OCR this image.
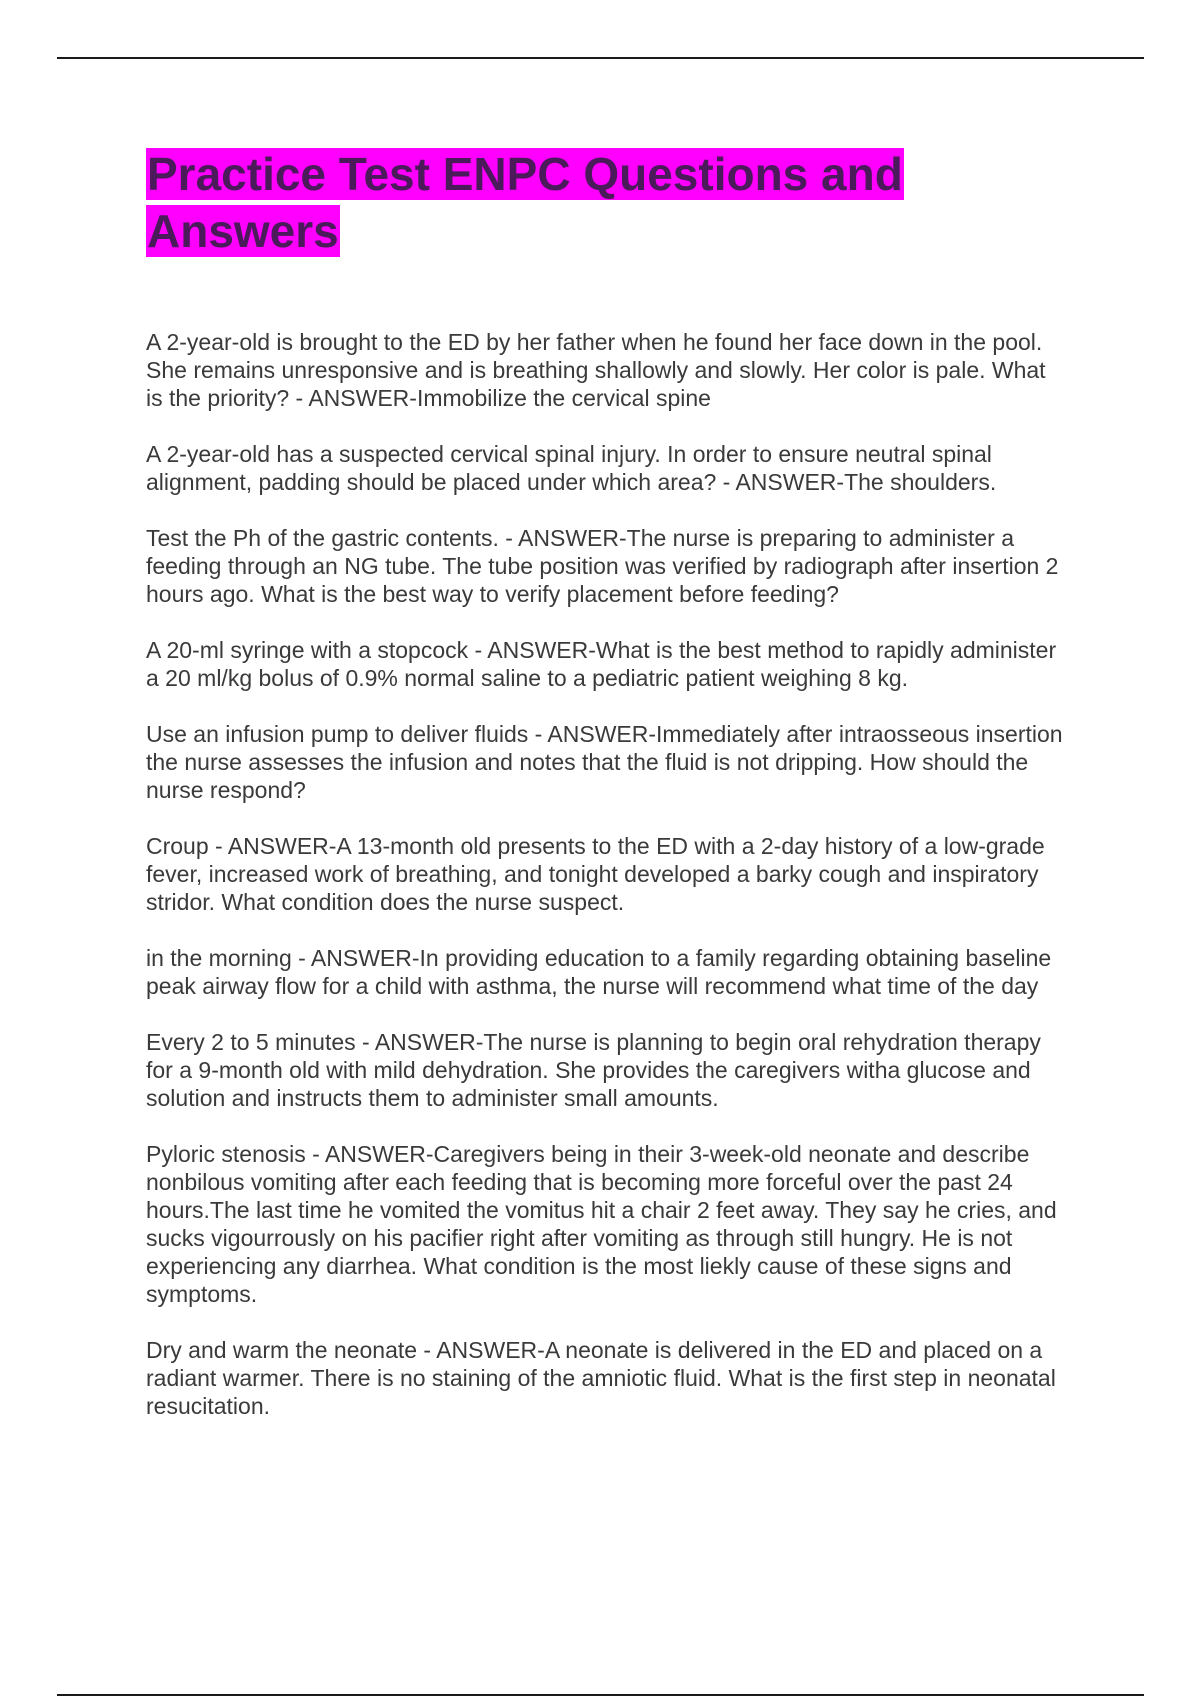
Practice Test ENPC Questions and Answers

A 2-year-old is brought to the ED by her father when he found her face down in the pool. She remains unresponsive and is breathing shallowly and slowly. Her color is pale. What is the priority? - ANSWER-Immobilize the cervical spine

A 2-year-old has a suspected cervical spinal injury. In order to ensure neutral spinal alignment, padding should be placed under which area? - ANSWER-The shoulders.

Test the Ph of the gastric contents. - ANSWER-The nurse is preparing to administer a feeding through an NG tube. The tube position was verified by radiograph after insertion 2 hours ago. What is the best way to verify placement before feeding?

A 20-ml syringe with a stopcock - ANSWER-What is the best method to rapidly administer a 20 ml/kg bolus of 0.9% normal saline to a pediatric patient weighing 8 kg.

Use an infusion pump to deliver fluids - ANSWER-Immediately after intraosseous insertion the nurse assesses the infusion and notes that the fluid is not dripping. How should the nurse respond?

Croup - ANSWER-A 13-month old presents to the ED with a 2-day history of a low-grade fever, increased work of breathing, and tonight developed a barky cough and inspiratory stridor. What condition does the nurse suspect.

in the morning - ANSWER-In providing education to a family regarding obtaining baseline peak airway flow for a child with asthma, the nurse will recommend what time of the day

Every 2 to 5 minutes - ANSWER-The nurse is planning to begin oral rehydration therapy for a 9-month old with mild dehydration. She provides the caregivers witha glucose and solution and instructs them to administer small amounts.

Pyloric stenosis - ANSWER-Caregivers being in their 3-week-old neonate and describe nonbilous vomiting after each feeding that is becoming more forceful over the past 24 hours.The last time he vomited the vomitus hit a chair 2 feet away. They say he cries, and sucks vigourrously on his pacifier right after vomiting as through still hungry. He is not experiencing any diarrhea. What condition is the most liekly cause of these signs and symptoms.

Dry and warm the neonate - ANSWER-A neonate is delivered in the ED and placed on a radiant warmer. There is no staining of the amniotic fluid. What is the first step in neonatal resucitation.
